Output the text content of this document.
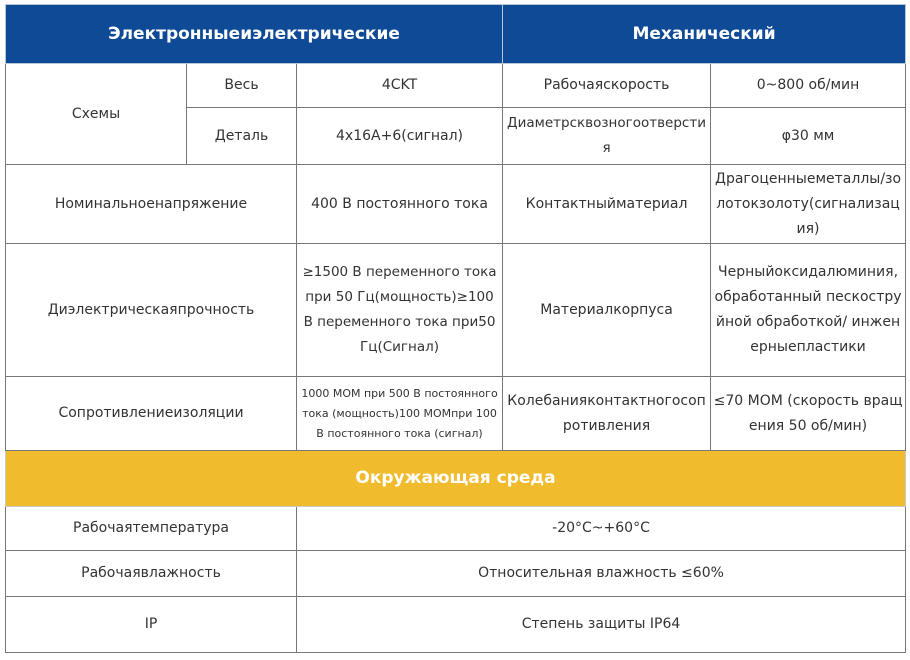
Электронныеиэлектрические			Механический	
Схемы	Весь	4CKT	Рабочаяскорость	0~800 об/мин
	Деталь	4x16A+6(сигнал)	Диаметрсквозногоотверстия	φ30 мм
Номинальноенапряжение		400 В постоянного тока	Контактныйматериал	Драгоценныеметаллы/золотокзолоту(сигнализация)
Диэлектрическаяпрочность		≥1500 В переменного тока при 50 Гц(мощность)≥100 В переменного тока при50 Гц(Сигнал)	Материалкорпуса	Черныйоксидалюминия, обработанный пескоструйной обработкой/ инженерныепластики
Сопротивлениеизоляции		1000 МОМ при 500 В постоянного тока (мощность)100 МОМпри 100 В постоянного тока (сигнал)	Колебанияконтактногосопротивления	≤70 МОМ (скорость вращения 50 об/мин)
Окружающая среда				
Рабочаятемпература		-20°C~+60°C		
Рабочаявлажность		Относительная влажность ≤60%		
IP		Степень защиты IP64		
